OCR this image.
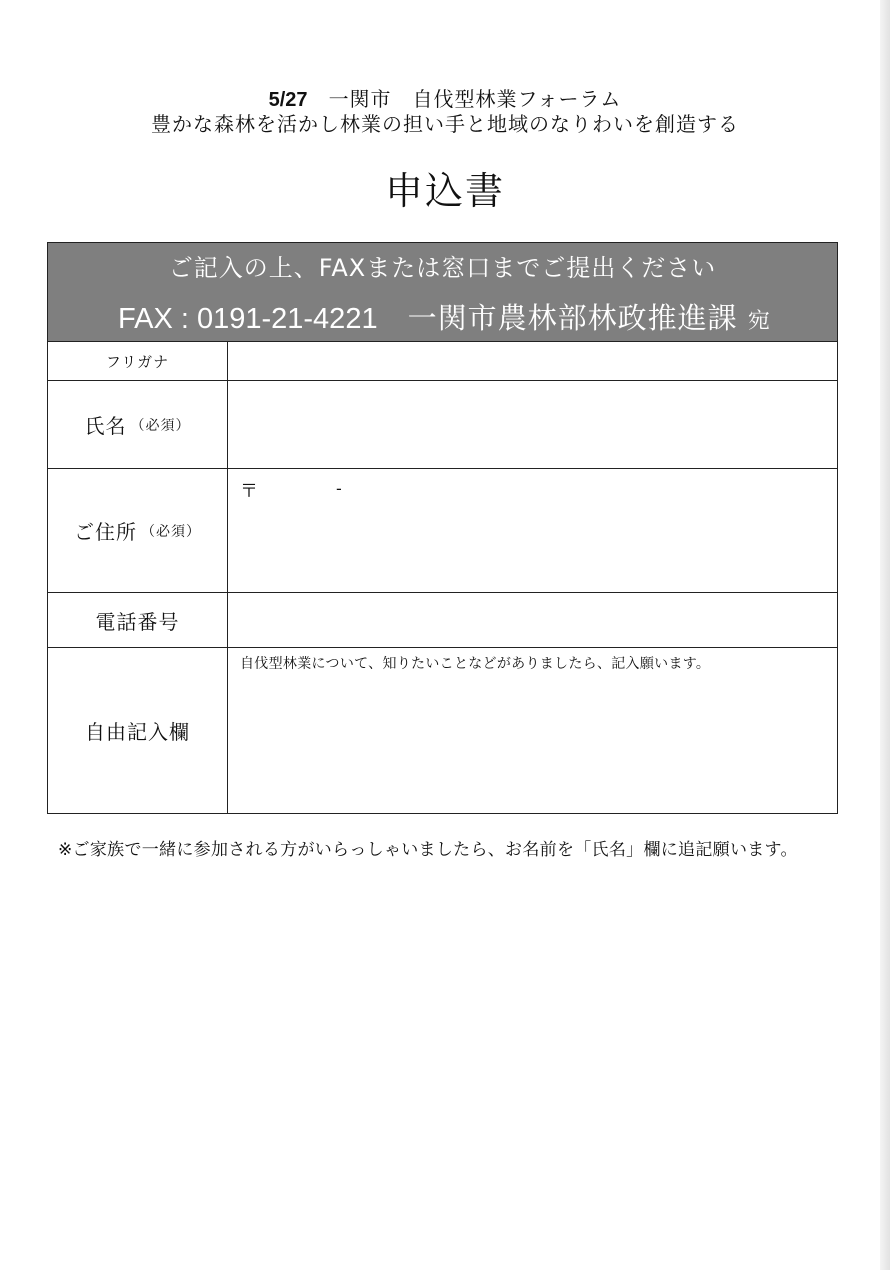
5/27　 一関市　自伐型林業フォーラム
豊かな森林を活かし林業の担い手と地域のなりわいを創造する
申込書
ご記入の上、FAXまたは窓口までご提出ください
FAX : 0191-21-4221　 一関市農林部林政推進課 宛
フリガナ
氏名 （必須）
ご住所 （必須）
〒	-
電話番号
自由記入欄
自伐型林業について、知りたいことなどがありましたら、記入願います。
※ご家族で一緒に参加される方がいらっしゃいましたら、お名前を「氏名」欄に追記願います。
